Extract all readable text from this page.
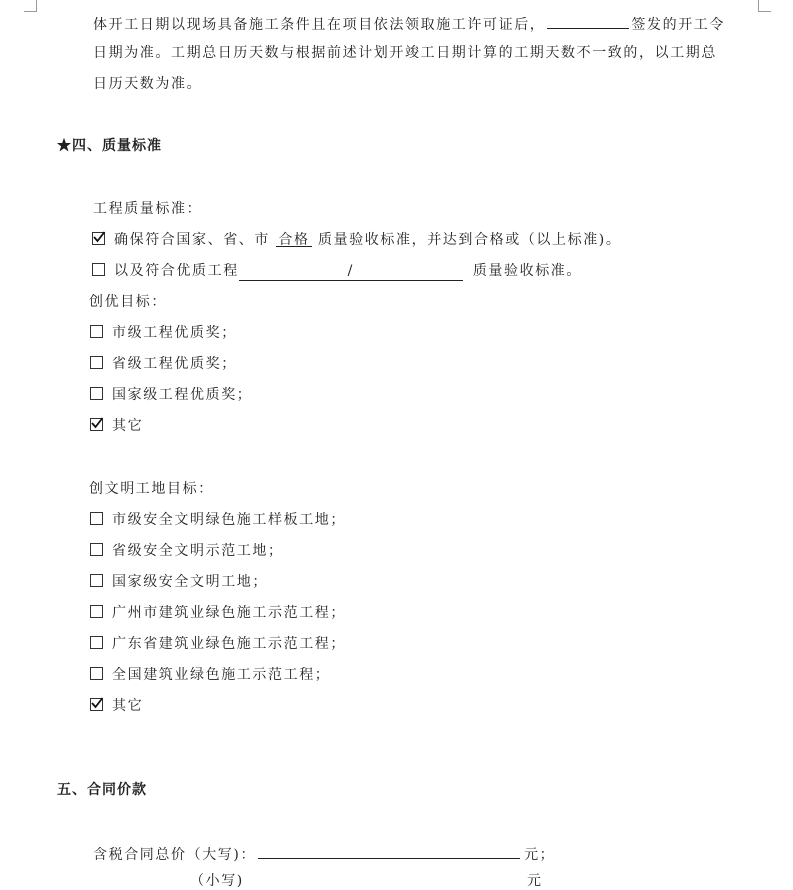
体开工日期以现场具备施工条件且在项目依法领取施工许可证后，	签发的开工令
日期为准。工期总日历天数与根据前述计划开竣工日期计算的工期天数不一致的，以工期总
日历天数为准。
★四、质量标准
工程质量标准：
确保符合国家、省、市 合格 质量验收标准，并达到合格或（以上标准)。
以及符合优质工程	/	质量验收标准。
创优目标：
市级工程优质奖；
省级工程优质奖；
国家级工程优质奖；
其它
创文明工地目标：
市级安全文明绿色施工样板工地；
省级安全文明示范工地；
国家级安全文明工地；
广州市建筑业绿色施工示范工程；
广东省建筑业绿色施工示范工程；
全国建筑业绿色施工示范工程；
其它
五、合同价款
含税合同总价（大写)：	元；
（小写)	元
